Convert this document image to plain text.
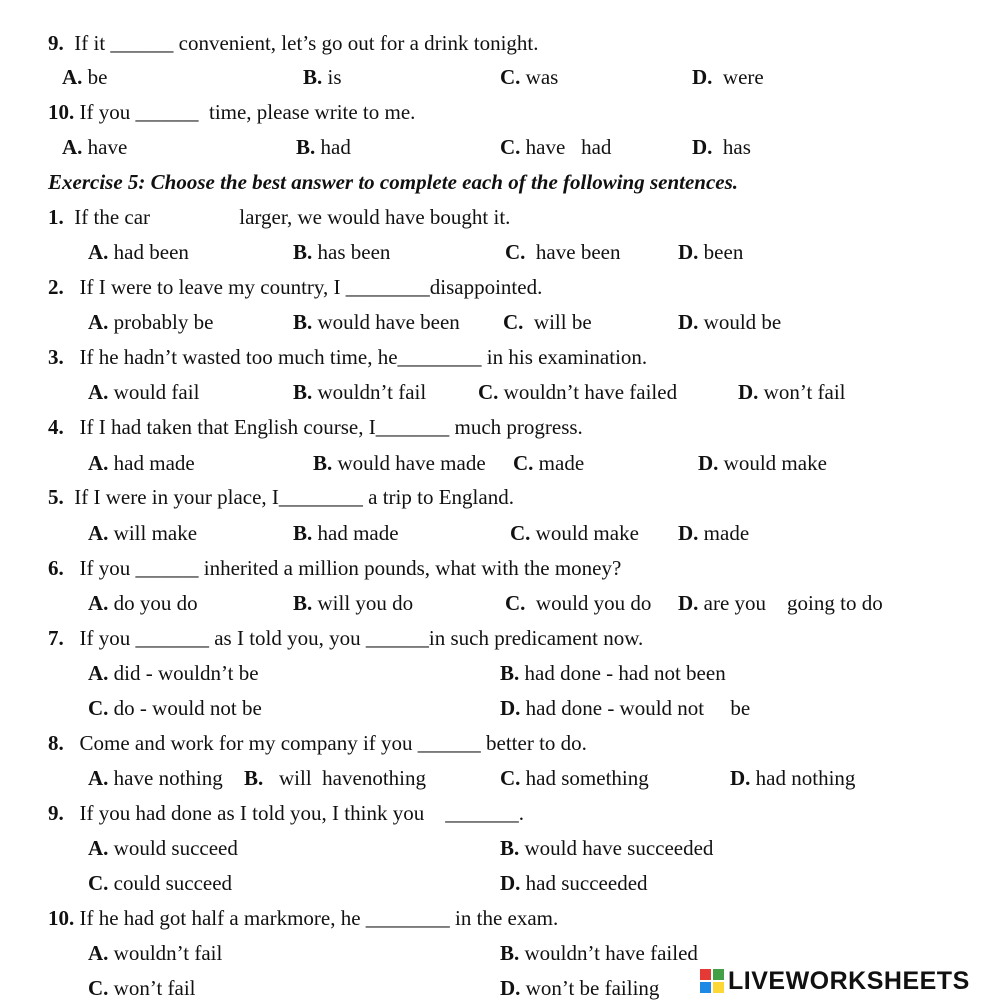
9.  If it ______ convenient, let’s go out for a drink tonight.
A. be	B. is	C. was	D.  were
10. If you ______  time, please write to me.
A. have	B. had	C. have   had	D.  has
Exercise 5: Choose the best answer to complete each of the following sentences.
1.  If the car                 larger, we would have bought it.
A. had been	B. has been	C.  have been	D. been
2.   If I were to leave my country, I ________disappointed.
A. probably be	B. would have been C.  will be	D. would be
3.   If he hadn’t wasted too much time, he________ in his examination.
A. would fail	B. wouldn’t fail C. wouldn’t have failed	D. won’t fail
4.   If I had taken that English course, I_______ much progress.
A. had made	B. would have made C. made	D. would make
5.  If I were in your place, I________ a trip to England.
A. will make	B. had made	C. would make D. made
6.   If you ______ inherited a million pounds, what with the money?
A. do you do	B. will you do	C.  would you do D. are you    going to do
7.   If you _______ as I told you, you ______in such predicament now.
A. did - wouldn’t be	B. had done - had not been
C. do - would not be	D. had done - would not     be
8.   Come and work for my company if you ______ better to do.
A. have nothing B.   will  havenothing	C. had something	D. had nothing
9.   If you had done as I told you, I think you    _______.
A. would succeed	B. would have succeeded
C. could succeed	D. had succeeded
10. If he had got half a markmore, he ________ in the exam.
A. wouldn’t fail	B. wouldn’t have failed
C. won’t fail	D. won’t be failing	LIVEWORKSHEETS
